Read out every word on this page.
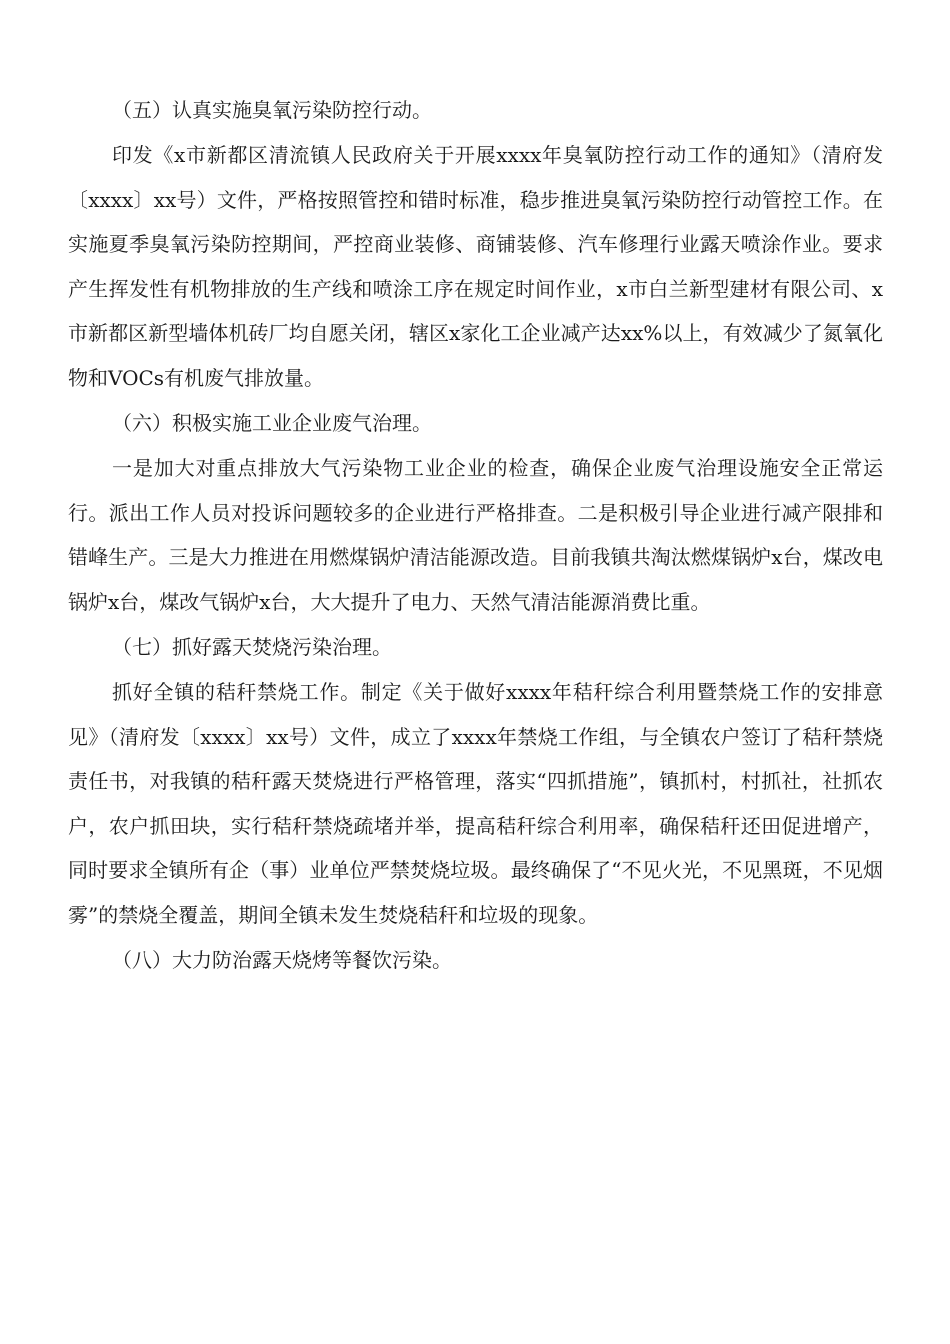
（五）认真实施臭氧污染防控行动。

印发《x市新都区清流镇人民政府关于开展xxxx年臭氧防控行动工作的通知》（清府发〔xxxx〕xx号）文件，严格按照管控和错时标准，稳步推进臭氧污染防控行动管控工作。在实施夏季臭氧污染防控期间，严控商业装修、商铺装修、汽车修理行业露天喷涂作业。要求产生挥发性有机物排放的生产线和喷涂工序在规定时间作业，x市白兰新型建材有限公司、x市新都区新型墙体机砖厂均自愿关闭，辖区x家化工企业减产达xx%以上，有效减少了氮氧化物和VOCs有机废气排放量。

（六）积极实施工业企业废气治理。

一是加大对重点排放大气污染物工业企业的检查，确保企业废气治理设施安全正常运行。派出工作人员对投诉问题较多的企业进行严格排查。二是积极引导企业进行减产限排和错峰生产。三是大力推进在用燃煤锅炉清洁能源改造。目前我镇共淘汰燃煤锅炉x台，煤改电锅炉x台，煤改气锅炉x台，大大提升了电力、天然气清洁能源消费比重。

（七）抓好露天焚烧污染治理。

抓好全镇的秸秆禁烧工作。制定《关于做好xxxx年秸秆综合利用暨禁烧工作的安排意见》（清府发〔xxxx〕xx号）文件，成立了xxxx年禁烧工作组，与全镇农户签订了秸秆禁烧责任书，对我镇的秸秆露天焚烧进行严格管理，落实“四抓措施”，镇抓村，村抓社，社抓农户，农户抓田块，实行秸秆禁烧疏堵并举，提高秸秆综合利用率，确保秸秆还田促进增产，同时要求全镇所有企（事）业单位严禁焚烧垃圾。最终确保了“不见火光，不见黑斑，不见烟雾”的禁烧全覆盖，期间全镇未发生焚烧秸秆和垃圾的现象。

（八）大力防治露天烧烤等餐饮污染。
